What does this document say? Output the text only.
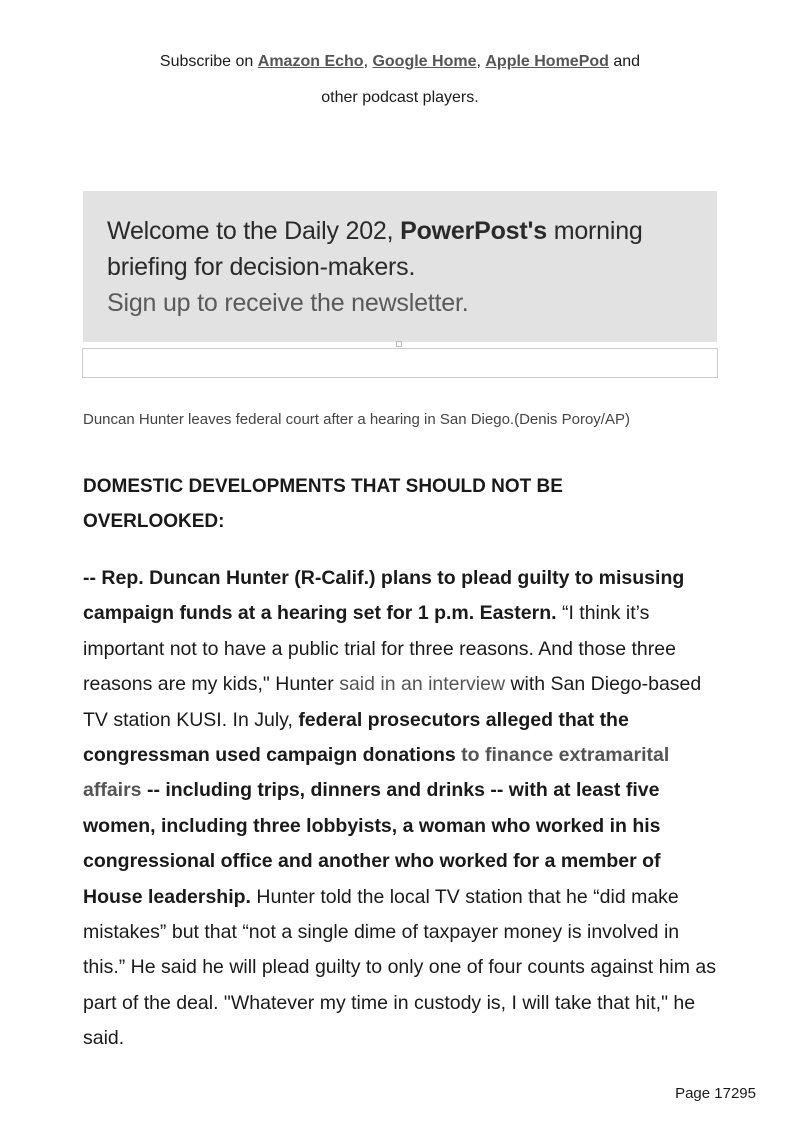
Subscribe on Amazon Echo, Google Home, Apple HomePod and
other podcast players.
Welcome to the Daily 202, PowerPost's morning briefing for decision-makers.
Sign up to receive the newsletter.
Duncan Hunter leaves federal court after a hearing in San Diego.(Denis Poroy/AP)
DOMESTIC DEVELOPMENTS THAT SHOULD NOT BE OVERLOOKED:
-- Rep. Duncan Hunter (R-Calif.) plans to plead guilty to misusing campaign funds at a hearing set for 1 p.m. Eastern. “I think it’s important not to have a public trial for three reasons. And those three reasons are my kids," Hunter said in an interview with San Diego-based TV station KUSI. In July, federal prosecutors alleged that the congressman used campaign donations to finance extramarital affairs -- including trips, dinners and drinks -- with at least five women, including three lobbyists, a woman who worked in his congressional office and another who worked for a member of House leadership. Hunter told the local TV station that he “did make mistakes” but that “not a single dime of taxpayer money is involved in this.” He said he will plead guilty to only one of four counts against him as part of the deal. "Whatever my time in custody is, I will take that hit," he said.
Page 17295
